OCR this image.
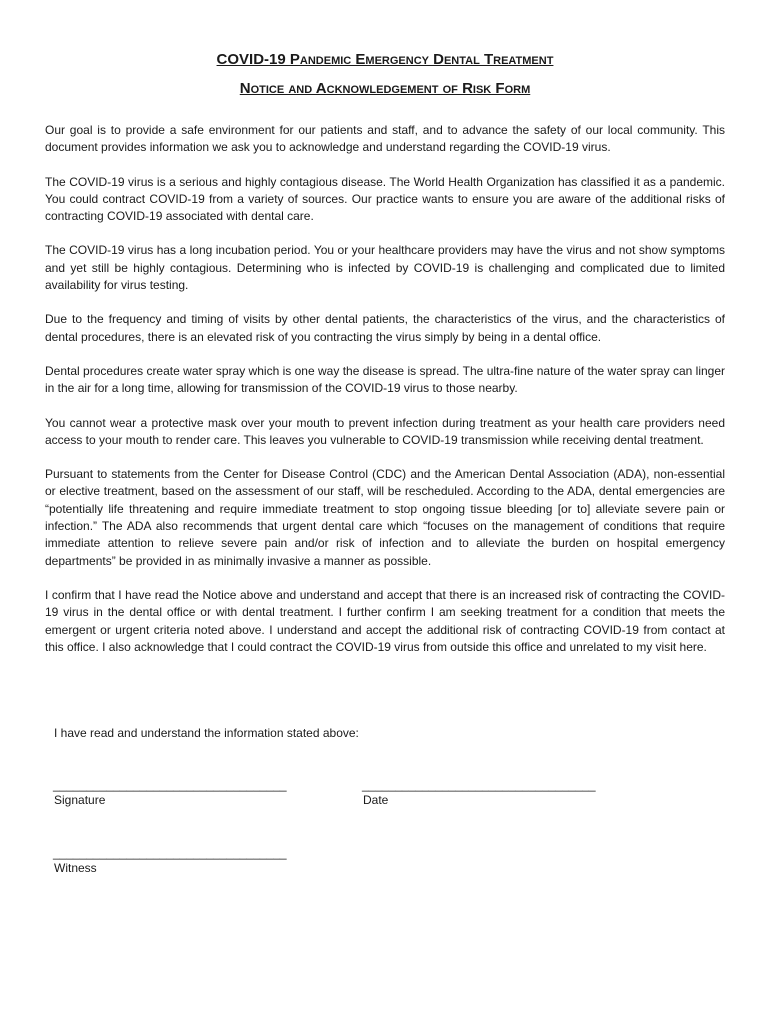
COVID-19 Pandemic Emergency Dental Treatment
Notice and Acknowledgement of Risk Form

Our goal is to provide a safe environment for our patients and staff, and to advance the safety of our local community. This document provides information we ask you to acknowledge and understand regarding the COVID-19 virus.

The COVID-19 virus is a serious and highly contagious disease. The World Health Organization has classified it as a pandemic. You could contract COVID-19 from a variety of sources. Our practice wants to ensure you are aware of the additional risks of contracting COVID-19 associated with dental care.

The COVID-19 virus has a long incubation period. You or your healthcare providers may have the virus and not show symptoms and yet still be highly contagious. Determining who is infected by COVID-19 is challenging and complicated due to limited availability for virus testing.

Due to the frequency and timing of visits by other dental patients, the characteristics of the virus, and the characteristics of dental procedures, there is an elevated risk of you contracting the virus simply by being in a dental office.

Dental procedures create water spray which is one way the disease is spread. The ultra-fine nature of the water spray can linger in the air for a long time, allowing for transmission of the COVID-19 virus to those nearby.

You cannot wear a protective mask over your mouth to prevent infection during treatment as your health care providers need access to your mouth to render care. This leaves you vulnerable to COVID-19 transmission while receiving dental treatment.

Pursuant to statements from the Center for Disease Control (CDC) and the American Dental Association (ADA), non-essential or elective treatment, based on the assessment of our staff, will be rescheduled. According to the ADA, dental emergencies are “potentially life threatening and require immediate treatment to stop ongoing tissue bleeding [or to] alleviate severe pain or infection.” The ADA also recommends that urgent dental care which “focuses on the management of conditions that require immediate attention to relieve severe pain and/or risk of infection and to alleviate the burden on hospital emergency departments” be provided in as minimally invasive a manner as possible.

I confirm that I have read the Notice above and understand and accept that there is an increased risk of contracting the COVID-19 virus in the dental office or with dental treatment. I further confirm I am seeking treatment for a condition that meets the emergent or urgent criteria noted above. I understand and accept the additional risk of contracting COVID-19 from contact at this office. I also acknowledge that I could contract the COVID-19 virus from outside this office and unrelated to my visit here.

I have read and understand the information stated above:

___________________________________

Signature

___________________________________

Date

___________________________________

Witness
